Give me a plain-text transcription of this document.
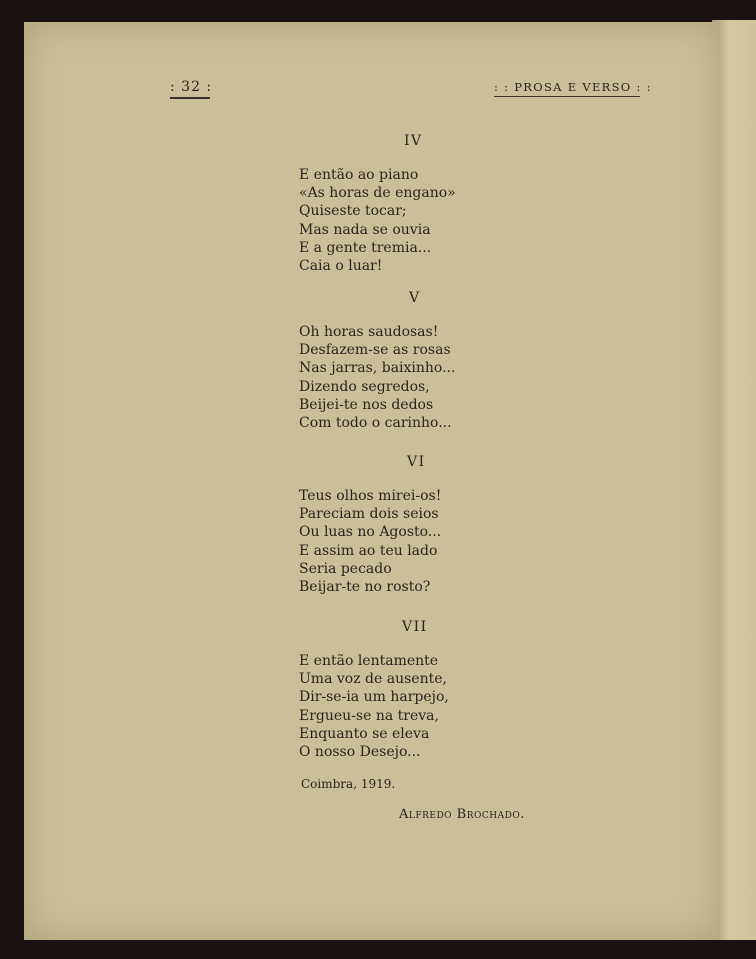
: 32 :	: : PROSA E VERSO : :
IV
E então ao piano
«As horas de engano»
Quiseste tocar;
Mas nada se ouvia
E a gente tremia...
Caia o luar!
V
Oh horas saudosas!
Desfazem-se as rosas
Nas jarras, baixinho...
Dizendo segredos,
Beijei-te nos dedos
Com todo o carinho...
VI
Teus olhos mirei-os!
Pareciam dois seios
Ou luas no Agosto...
E assim ao teu lado
Seria pecado
Beijar-te no rosto?
VII
E então lentamente
Uma voz de ausente,
Dir-se-ia um harpejo,
Ergueu-se na treva,
Enquanto se eleva
O nosso Desejo...
Coimbra, 1919.
Alfredo Brochado.
